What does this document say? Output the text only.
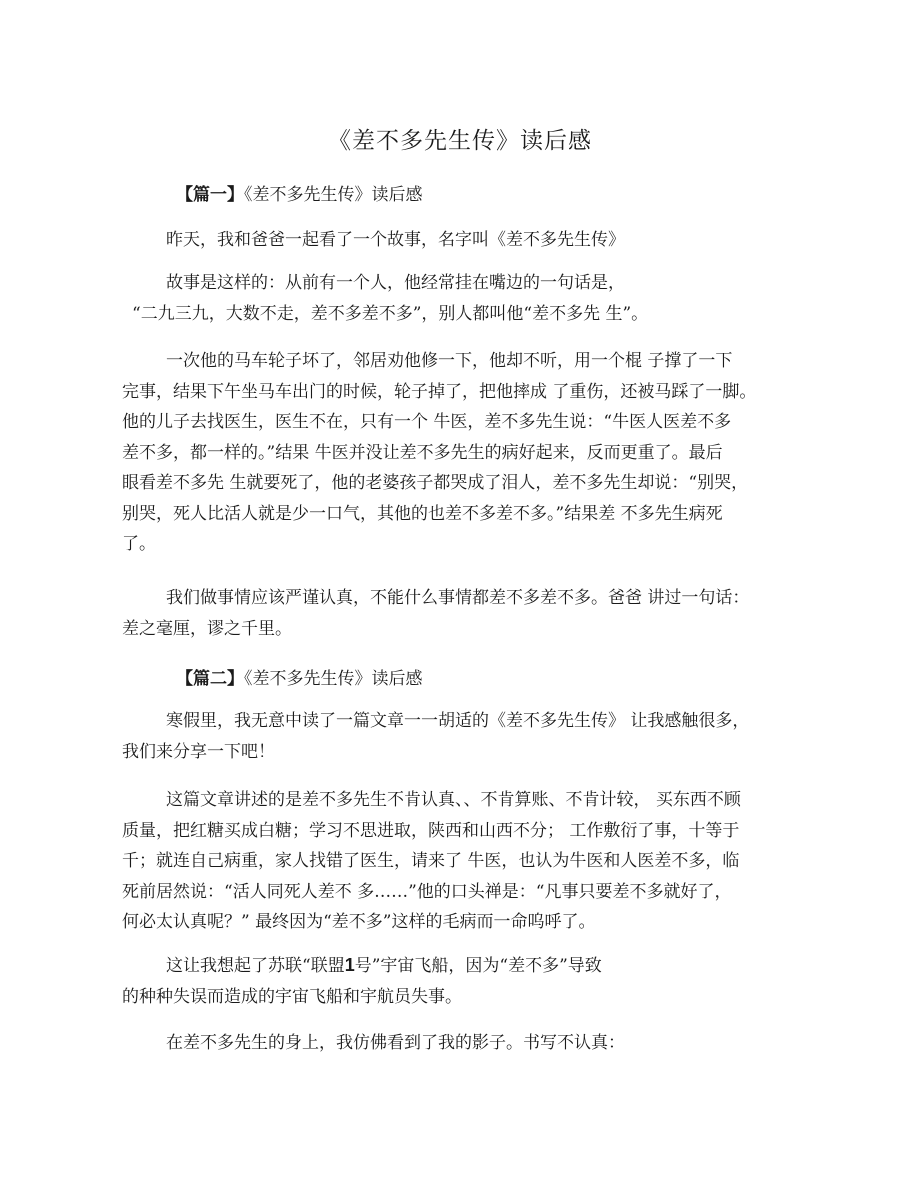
《差不多先生传》读后感
【篇一】《差不多先生传》读后感

昨天，我和爸爸一起看了一个故事，名字叫《差不多先生传》

故事是这样的：从前有一个人，他经常挂在嘴边的一句话是，
“二九三九，大数不走，差不多差不多”，别人都叫他“差不多先 生”。

一次他的马车轮子坏了，邻居劝他修一下，他却不听，用一个棍 子撑了一下
完事，结果下午坐马车出门的时候，轮子掉了，把他摔成 了重伤，还被马踩了一脚。
他的儿子去找医生，医生不在，只有一个 牛医，差不多先生说：“牛医人医差不多
差不多，都一样的。”结果 牛医并没让差不多先生的病好起来，反而更重了。最后
眼看差不多先 生就要死了，他的老婆孩子都哭成了泪人，差不多先生却说：“别哭，
别哭，死人比活人就是少一口气，其他的也差不多差不多。”结果差 不多先生病死
了。

我们做事情应该严谨认真，不能什么事情都差不多差不多。爸爸 讲过一句话：
差之毫厘，谬之千里。

【篇二】《差不多先生传》读后感

寒假里，我无意中读了一篇文章一一胡适的《差不多先生传》 让我感触很多，
我们来分享一下吧！

这篇文章讲述的是差不多先生不肯认真、、不肯算账、不肯计较， 买东西不顾
质量，把红糖买成白糖；学习不思进取，陕西和山西不分； 工作敷衍了事，十等于
千；就连自己病重，家人找错了医生，请来了 牛医，也认为牛医和人医差不多，临
死前居然说：“活人同死人差不 多……”他的口头禅是：“凡事只要差不多就好了，
何必太认真呢？” 最终因为“差不多”这样的毛病而一命呜呼了。

这让我想起了苏联“联盟1号”宇宙飞船，因为“差不多”导致
的种种失误而造成的宇宙飞船和宇航员失事。

在差不多先生的身上，我仿佛看到了我的影子。书写不认真：
